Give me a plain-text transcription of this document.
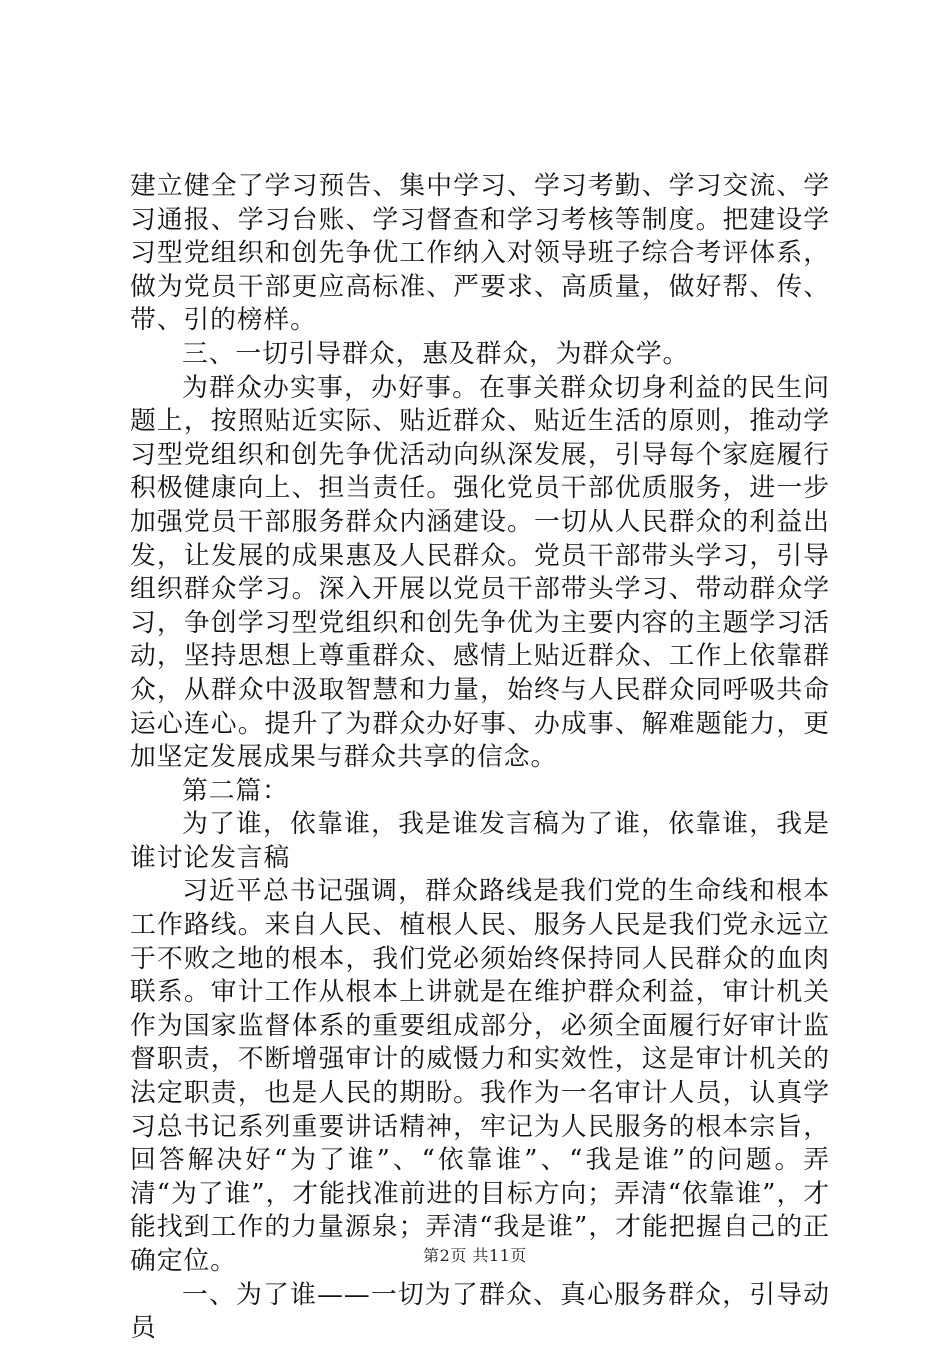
建立健全了学习预告、集中学习、学习考勤、学习交流、学习通报、学习台账、学习督查和学习考核等制度。把建设学习型党组织和创先争优工作纳入对领导班子综合考评体系，做为党员干部更应高标准、严要求、高质量，做好帮、传、带、引的榜样。

三、一切引导群众，惠及群众，为群众学。

为群众办实事，办好事。在事关群众切身利益的民生问题上，按照贴近实际、贴近群众、贴近生活的原则，推动学习型党组织和创先争优活动向纵深发展，引导每个家庭履行积极健康向上、担当责任。强化党员干部优质服务，进一步加强党员干部服务群众内涵建设。一切从人民群众的利益出发，让发展的成果惠及人民群众。党员干部带头学习，引导组织群众学习。深入开展以党员干部带头学习、带动群众学习，争创学习型党组织和创先争优为主要内容的主题学习活动，坚持思想上尊重群众、感情上贴近群众、工作上依靠群众，从群众中汲取智慧和力量，始终与人民群众同呼吸共命运心连心。提升了为群众办好事、办成事、解难题能力，更加坚定发展成果与群众共享的信念。

第二篇：

为了谁，依靠谁，我是谁发言稿为了谁，依靠谁，我是谁讨论发言稿

习近平总书记强调，群众路线是我们党的生命线和根本工作路线。来自人民、植根人民、服务人民是我们党永远立于不败之地的根本，我们党必须始终保持同人民群众的血肉联系。审计工作从根本上讲就是在维护群众利益，审计机关作为国家监督体系的重要组成部分，必须全面履行好审计监督职责，不断增强审计的威慑力和实效性，这是审计机关的法定职责，也是人民的期盼。我作为一名审计人员，认真学习总书记系列重要讲话精神，牢记为人民服务的根本宗旨，回答解决好“为了谁”、“依靠谁”、“我是谁”的问题。弄清“为了谁”，才能找准前进的目标方向；弄清“依靠谁”，才能找到工作的力量源泉；弄清“我是谁”，才能把握自己的正确定位。

一、为了谁——一切为了群众、真心服务群众，引导动员

第2页 共11页
